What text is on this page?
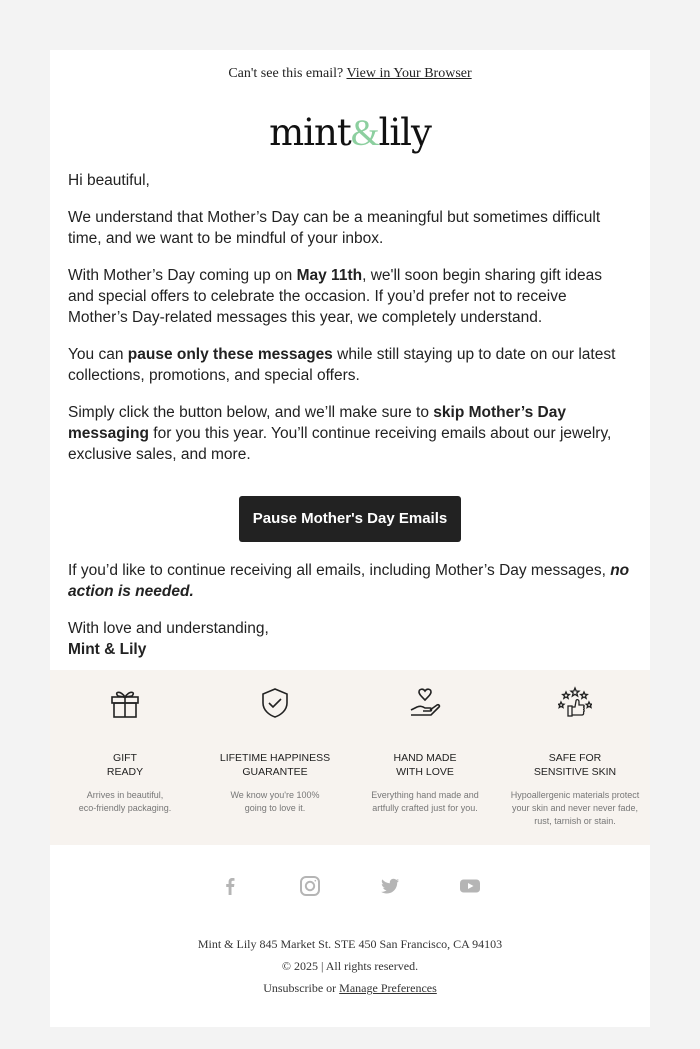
Can't see this email? View in Your Browser
mint&lily

Hi beautiful,

We understand that Mother’s Day can be a meaningful but sometimes difficult time, and we want to be mindful of your inbox.

With Mother’s Day coming up on May 11th, we'll soon begin sharing gift ideas and special offers to celebrate the occasion. If you’d prefer not to receive Mother’s Day-related messages this year, we completely understand.

You can pause only these messages while still staying up to date on our latest collections, promotions, and special offers.

Simply click the button below, and we’ll make sure to skip Mother’s Day messaging for you this year. You’ll continue receiving emails about our jewelry, exclusive sales, and more.

Pause Mother's Day Emails

If you’d like to continue receiving all emails, including Mother’s Day messages, no action is needed.

With love and understanding,
Mint & Lily

GIFT
READY
Arrives in beautiful,
eco-friendly packaging.
LIFETIME HAPPINESS
GUARANTEE
We know you're 100%
going to love it.
HAND MADE
WITH LOVE
Everything hand made and
artfully crafted just for you.
SAFE FOR
SENSITIVE SKIN
Hypoallergenic materials protect
your skin and never never fade,
rust, tarnish or stain.
Mint & Lily 845 Market St. STE 450 San Francisco, CA 94103
© 2025 | All rights reserved.
Unsubscribe or Manage Preferences
